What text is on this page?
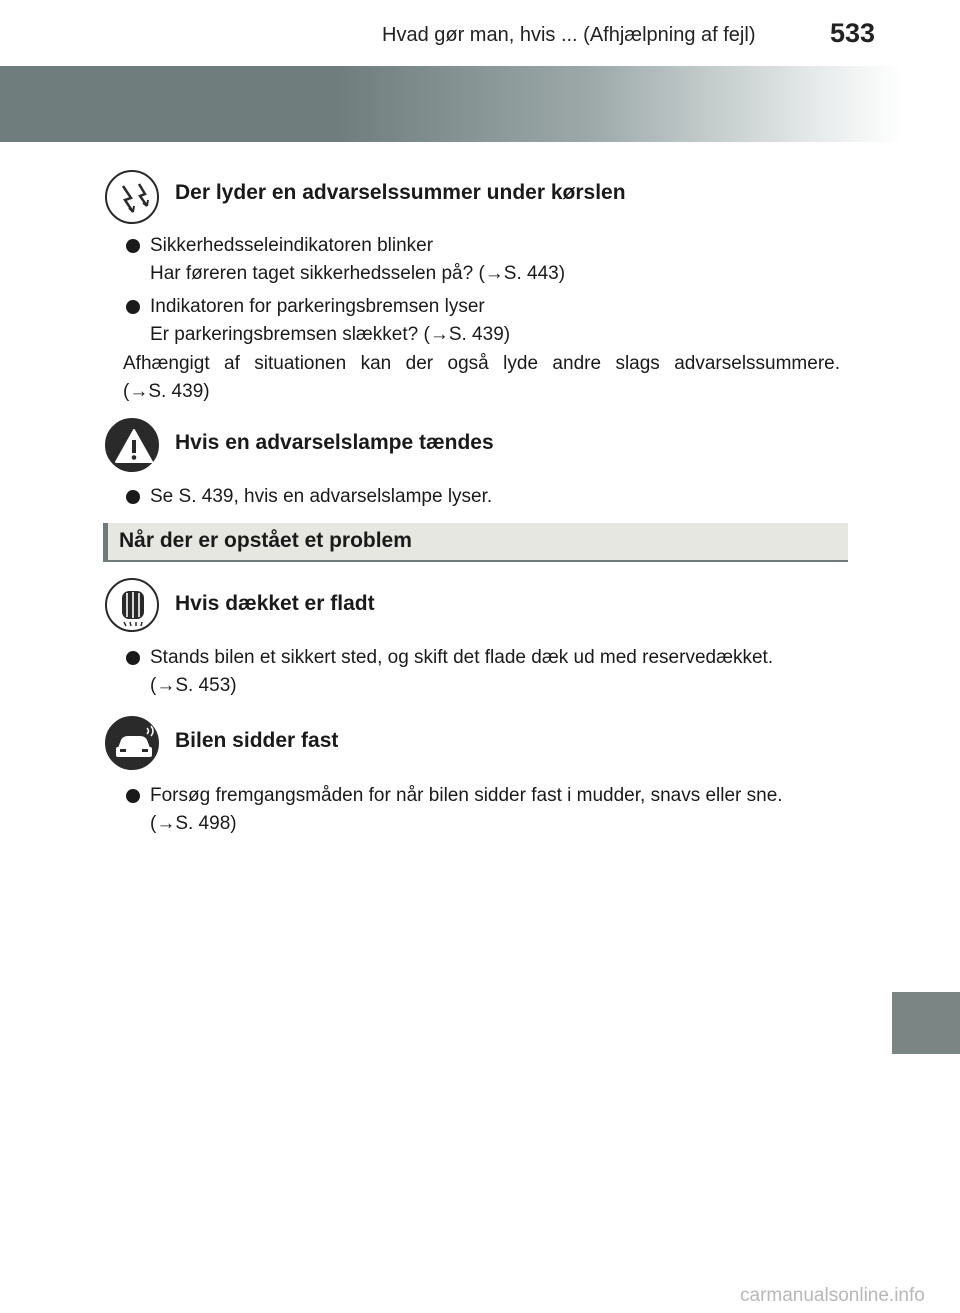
Hvad gør man, hvis ... (Afhjælpning af fejl)	533
Der lyder en advarselssummer under kørslen
Sikkerhedsseleindikatoren blinker
Har føreren taget sikkerhedsselen på? (→S. 443)
Indikatoren for parkeringsbremsen lyser
Er parkeringsbremsen slækket? (→S. 439)
Afhængigt af situationen kan der også lyde andre slags advarselssummere.
(→S. 439)
Hvis en advarselslampe tændes
Se S. 439, hvis en advarselslampe lyser.
Når der er opstået et problem
Hvis dækket er fladt
Stands bilen et sikkert sted, og skift det flade dæk ud med reservedækket.
(→S. 453)
Bilen sidder fast
Forsøg fremgangsmåden for når bilen sidder fast i mudder, snavs eller sne.
(→S. 498)
carmanualsonline.info
